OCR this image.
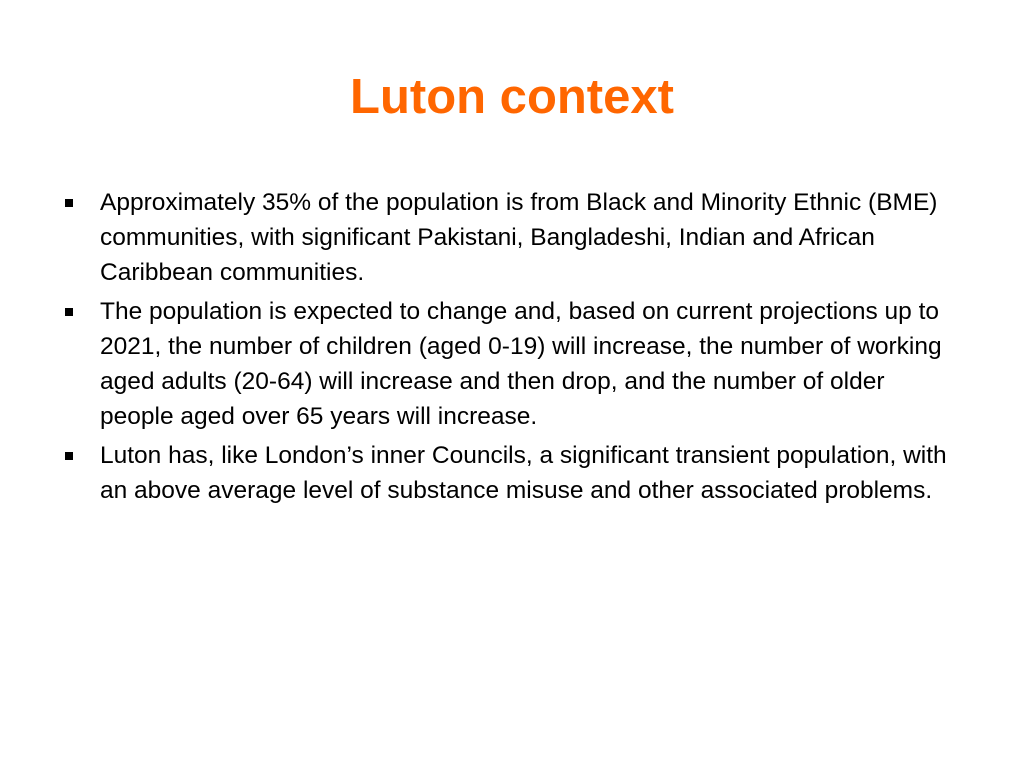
Luton context
Approximately 35% of the population is from Black and Minority Ethnic (BME) communities, with significant Pakistani, Bangladeshi, Indian and African Caribbean communities.
The population is expected to change and, based on current projections up to 2021, the number of children (aged 0-19) will increase, the number of working aged adults (20-64) will increase and then drop, and the number of older people aged over 65 years will increase.
Luton has, like London’s inner Councils, a significant transient population, with an above average level of substance misuse and other associated problems.
